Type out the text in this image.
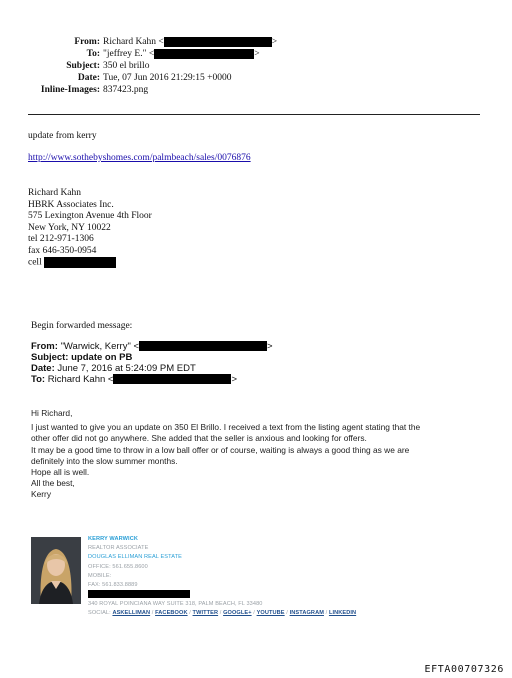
From: Richard Kahn <	>
To: "jeffrey E." <	>
Subject: 350 el brillo
Date: Tue, 07 Jun 2016 21:29:15 +0000
Inline-Images: 837423.png
update from kerry
http://www.sothebyshomes.com/palmbeach/sales/0076876
Richard Kahn
HBRK Associates Inc.
575 Lexington Avenue 4th Floor
New York, NY 10022
tel 212-971-1306
fax 646-350-0954
cell
Begin forwarded message:
From: "Warwick, Kerry" <	>
Subject: update on PB
Date: June 7, 2016 at 5:24:09 PM EDT
To: Richard Kahn <	>
Hi Richard,
I just wanted to give you an update on 350 El Brillo. I received a text from the listing agent stating that the
other offer did not go anywhere. She added that the seller is anxious and looking for offers.
It may be a good time to throw in a low ball offer or of course, waiting is always a good thing as we are
definitely into the slow summer months.
Hope all is well.
All the best,
Kerry
KERRY WARWICK
REALTOR ASSOCIATE
DOUGLAS ELLIMAN REAL ESTATE
OFFICE: 561.655.8600
MOBILE:
FAX: 561.833.8889
340 ROYAL POINCIANA WAY SUITE 318, PALM BEACH, FL 33480
SOCIAL: ASKELLIMAN / FACEBOOK / TWITTER / GOOGLE+ / YOUTUBE / INSTAGRAM / LINKEDIN
EFTA00707326
